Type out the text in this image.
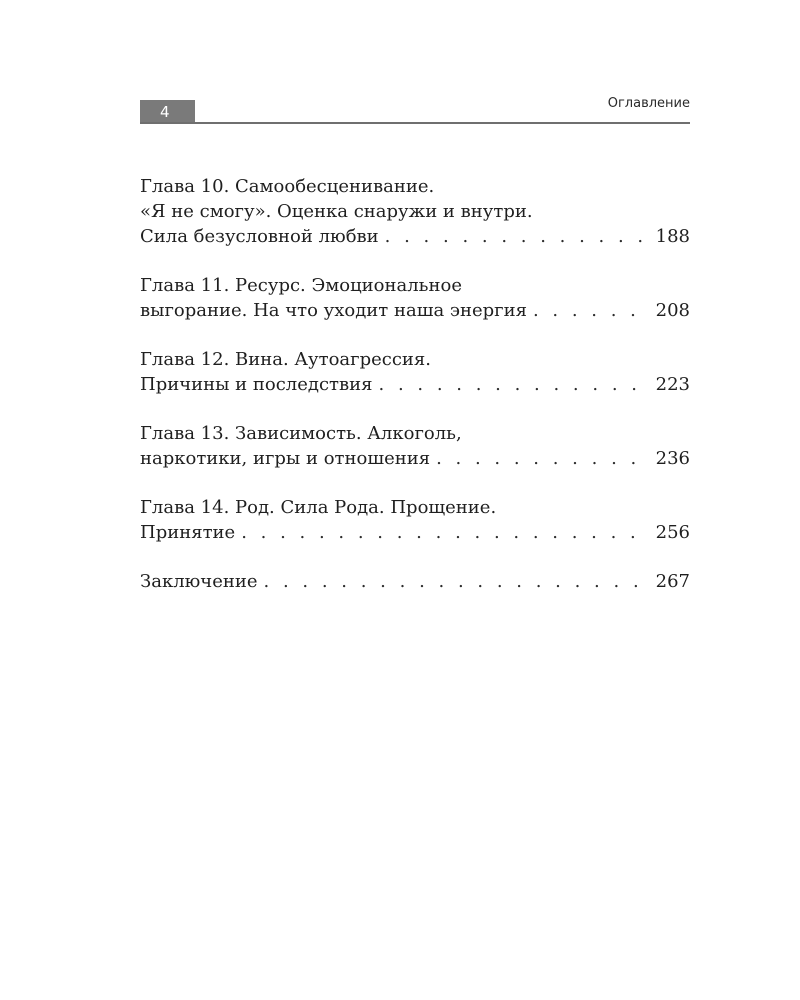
4	Оглавление
Глава 10. Самообесценивание.
«Я не смогу». Оценка снаружи и внутри.
Сила безусловной любви . . .	188
Глава 11. Ресурс. Эмоциональное
выгорание. На что уходит наша энергия . . .	208
Глава 12. Вина. Аутоагрессия.
Причины и последствия . . .	223
Глава 13. Зависимость. Алкоголь,
наркотики, игры и отношения . . .	236
Глава 14. Род. Сила Рода. Прощение.
Принятие . . .	256
Заключение . . .	267
